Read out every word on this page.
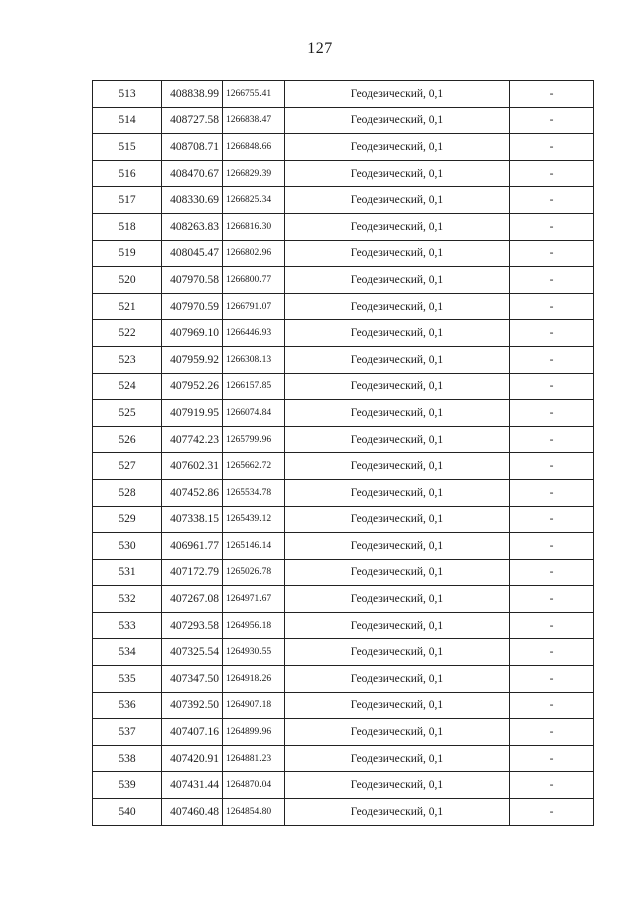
127
513	408838.99	1266755.41	Геодезический, 0,1	-
514	408727.58	1266838.47	Геодезический, 0,1	-
515	408708.71	1266848.66	Геодезический, 0,1	-
516	408470.67	1266829.39	Геодезический, 0,1	-
517	408330.69	1266825.34	Геодезический, 0,1	-
518	408263.83	1266816.30	Геодезический, 0,1	-
519	408045.47	1266802.96	Геодезический, 0,1	-
520	407970.58	1266800.77	Геодезический, 0,1	-
521	407970.59	1266791.07	Геодезический, 0,1	-
522	407969.10	1266446.93	Геодезический, 0,1	-
523	407959.92	1266308.13	Геодезический, 0,1	-
524	407952.26	1266157.85	Геодезический, 0,1	-
525	407919.95	1266074.84	Геодезический, 0,1	-
526	407742.23	1265799.96	Геодезический, 0,1	-
527	407602.31	1265662.72	Геодезический, 0,1	-
528	407452.86	1265534.78	Геодезический, 0,1	-
529	407338.15	1265439.12	Геодезический, 0,1	-
530	406961.77	1265146.14	Геодезический, 0,1	-
531	407172.79	1265026.78	Геодезический, 0,1	-
532	407267.08	1264971.67	Геодезический, 0,1	-
533	407293.58	1264956.18	Геодезический, 0,1	-
534	407325.54	1264930.55	Геодезический, 0,1	-
535	407347.50	1264918.26	Геодезический, 0,1	-
536	407392.50	1264907.18	Геодезический, 0,1	-
537	407407.16	1264899.96	Геодезический, 0,1	-
538	407420.91	1264881.23	Геодезический, 0,1	-
539	407431.44	1264870.04	Геодезический, 0,1	-
540	407460.48	1264854.80	Геодезический, 0,1	-
